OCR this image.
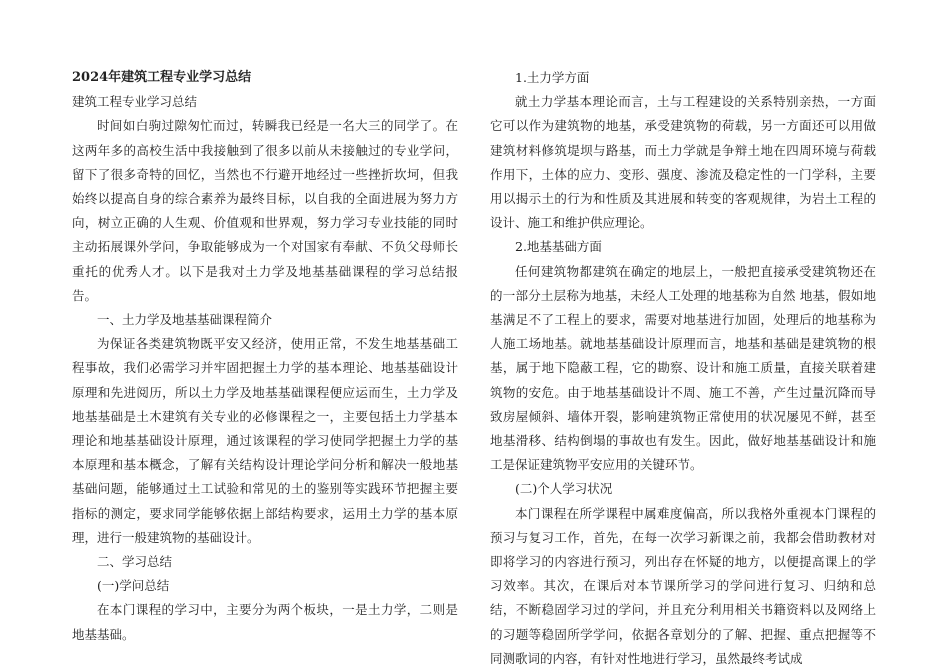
2024年建筑工程专业学习总结

建筑工程专业学习总结

时间如白驹过隙匆忙而过，转瞬我已经是一名大三的同学了。在这两年多的高校生活中我接触到了很多以前从未接触过的专业学问，留下了很多奇特的回忆，当然也不行避开地经过一些挫折坎坷，但我始终以提高自身的综合素养为最终目标，以自我的全面进展为努力方向，树立正确的人生观、价值观和世界观，努力学习专业技能的同时主动拓展课外学问，争取能够成为一个对国家有奉献、不负父母师长重托的优秀人才。以下是我对土力学及地基基础课程的学习总结报告。

一、土力学及地基基础课程简介

为保证各类建筑物既平安又经济，使用正常，不发生地基基础工程事故，我们必需学习并牢固把握土力学的基本理论、地基基础设计原理和先进阅历，所以土力学及地基基础课程便应运而生，土力学及地基基础是土木建筑有关专业的必修课程之一，主要包括土力学基本理论和地基基础设计原理，通过该课程的学习使同学把握土力学的基本原理和基本概念，了解有关结构设计理论学问分析和解决一般地基基础问题，能够通过土工试验和常见的土的鉴别等实践环节把握主要指标的测定，要求同学能够依据上部结构要求，运用土力学的基本原理，进行一般建筑物的基础设计。

二、学习总结

(一)学问总结

在本门课程的学习中，主要分为两个板块，一是土力学，二则是地基基础。

1.土力学方面

就土力学基本理论而言，土与工程建设的关系特别亲热，一方面它可以作为建筑物的地基，承受建筑物的荷载，另一方面还可以用做建筑材料修筑堤坝与路基，而土力学就是争辩土地在四周环境与荷载作用下，土体的应力、变形、强度、渗流及稳定性的一门学科，主要用以揭示土的行为和性质及其进展和转变的客观规律，为岩土工程的设计、施工和维护供应理论。

2.地基基础方面

任何建筑物都建筑在确定的地层上，一般把直接承受建筑物还在的一部分土层称为地基，未经人工处理的地基称为自然 地基，假如地基满足不了工程上的要求，需要对地基进行加固，处理后的地基称为人施工场地基。就地基基础设计原理而言，地基和基础是建筑物的根基，属于地下隐蔽工程，它的勘察、设计和施工质量，直接关联着建筑物的安危。由于地基基础设计不周、施工不善，产生过量沉降而导致房屋倾斜、墙体开裂，影响建筑物正常使用的状况屡见不鲜，甚至地基滑移、结构倒塌的事故也有发生。因此，做好地基基础设计和施工是保证建筑物平安应用的关键环节。

(二)个人学习状况

本门课程在所学课程中属难度偏高，所以我格外重视本门课程的预习与复习工作，首先，在每一次学习新课之前，我都会借助教材对即将学习的内容进行预习，列出存在怀疑的地方，以便提高课上的学习效率。其次，在课后对本节课所学习的学问进行复习、归纳和总结，不断稳固学习过的学问，并且充分利用相关书籍资料以及网络上的习题等稳固所学学问，依据各章划分的了解、把握、重点把握等不同测歌词的内容，有针对性地进行学习，虽然最终考试成
